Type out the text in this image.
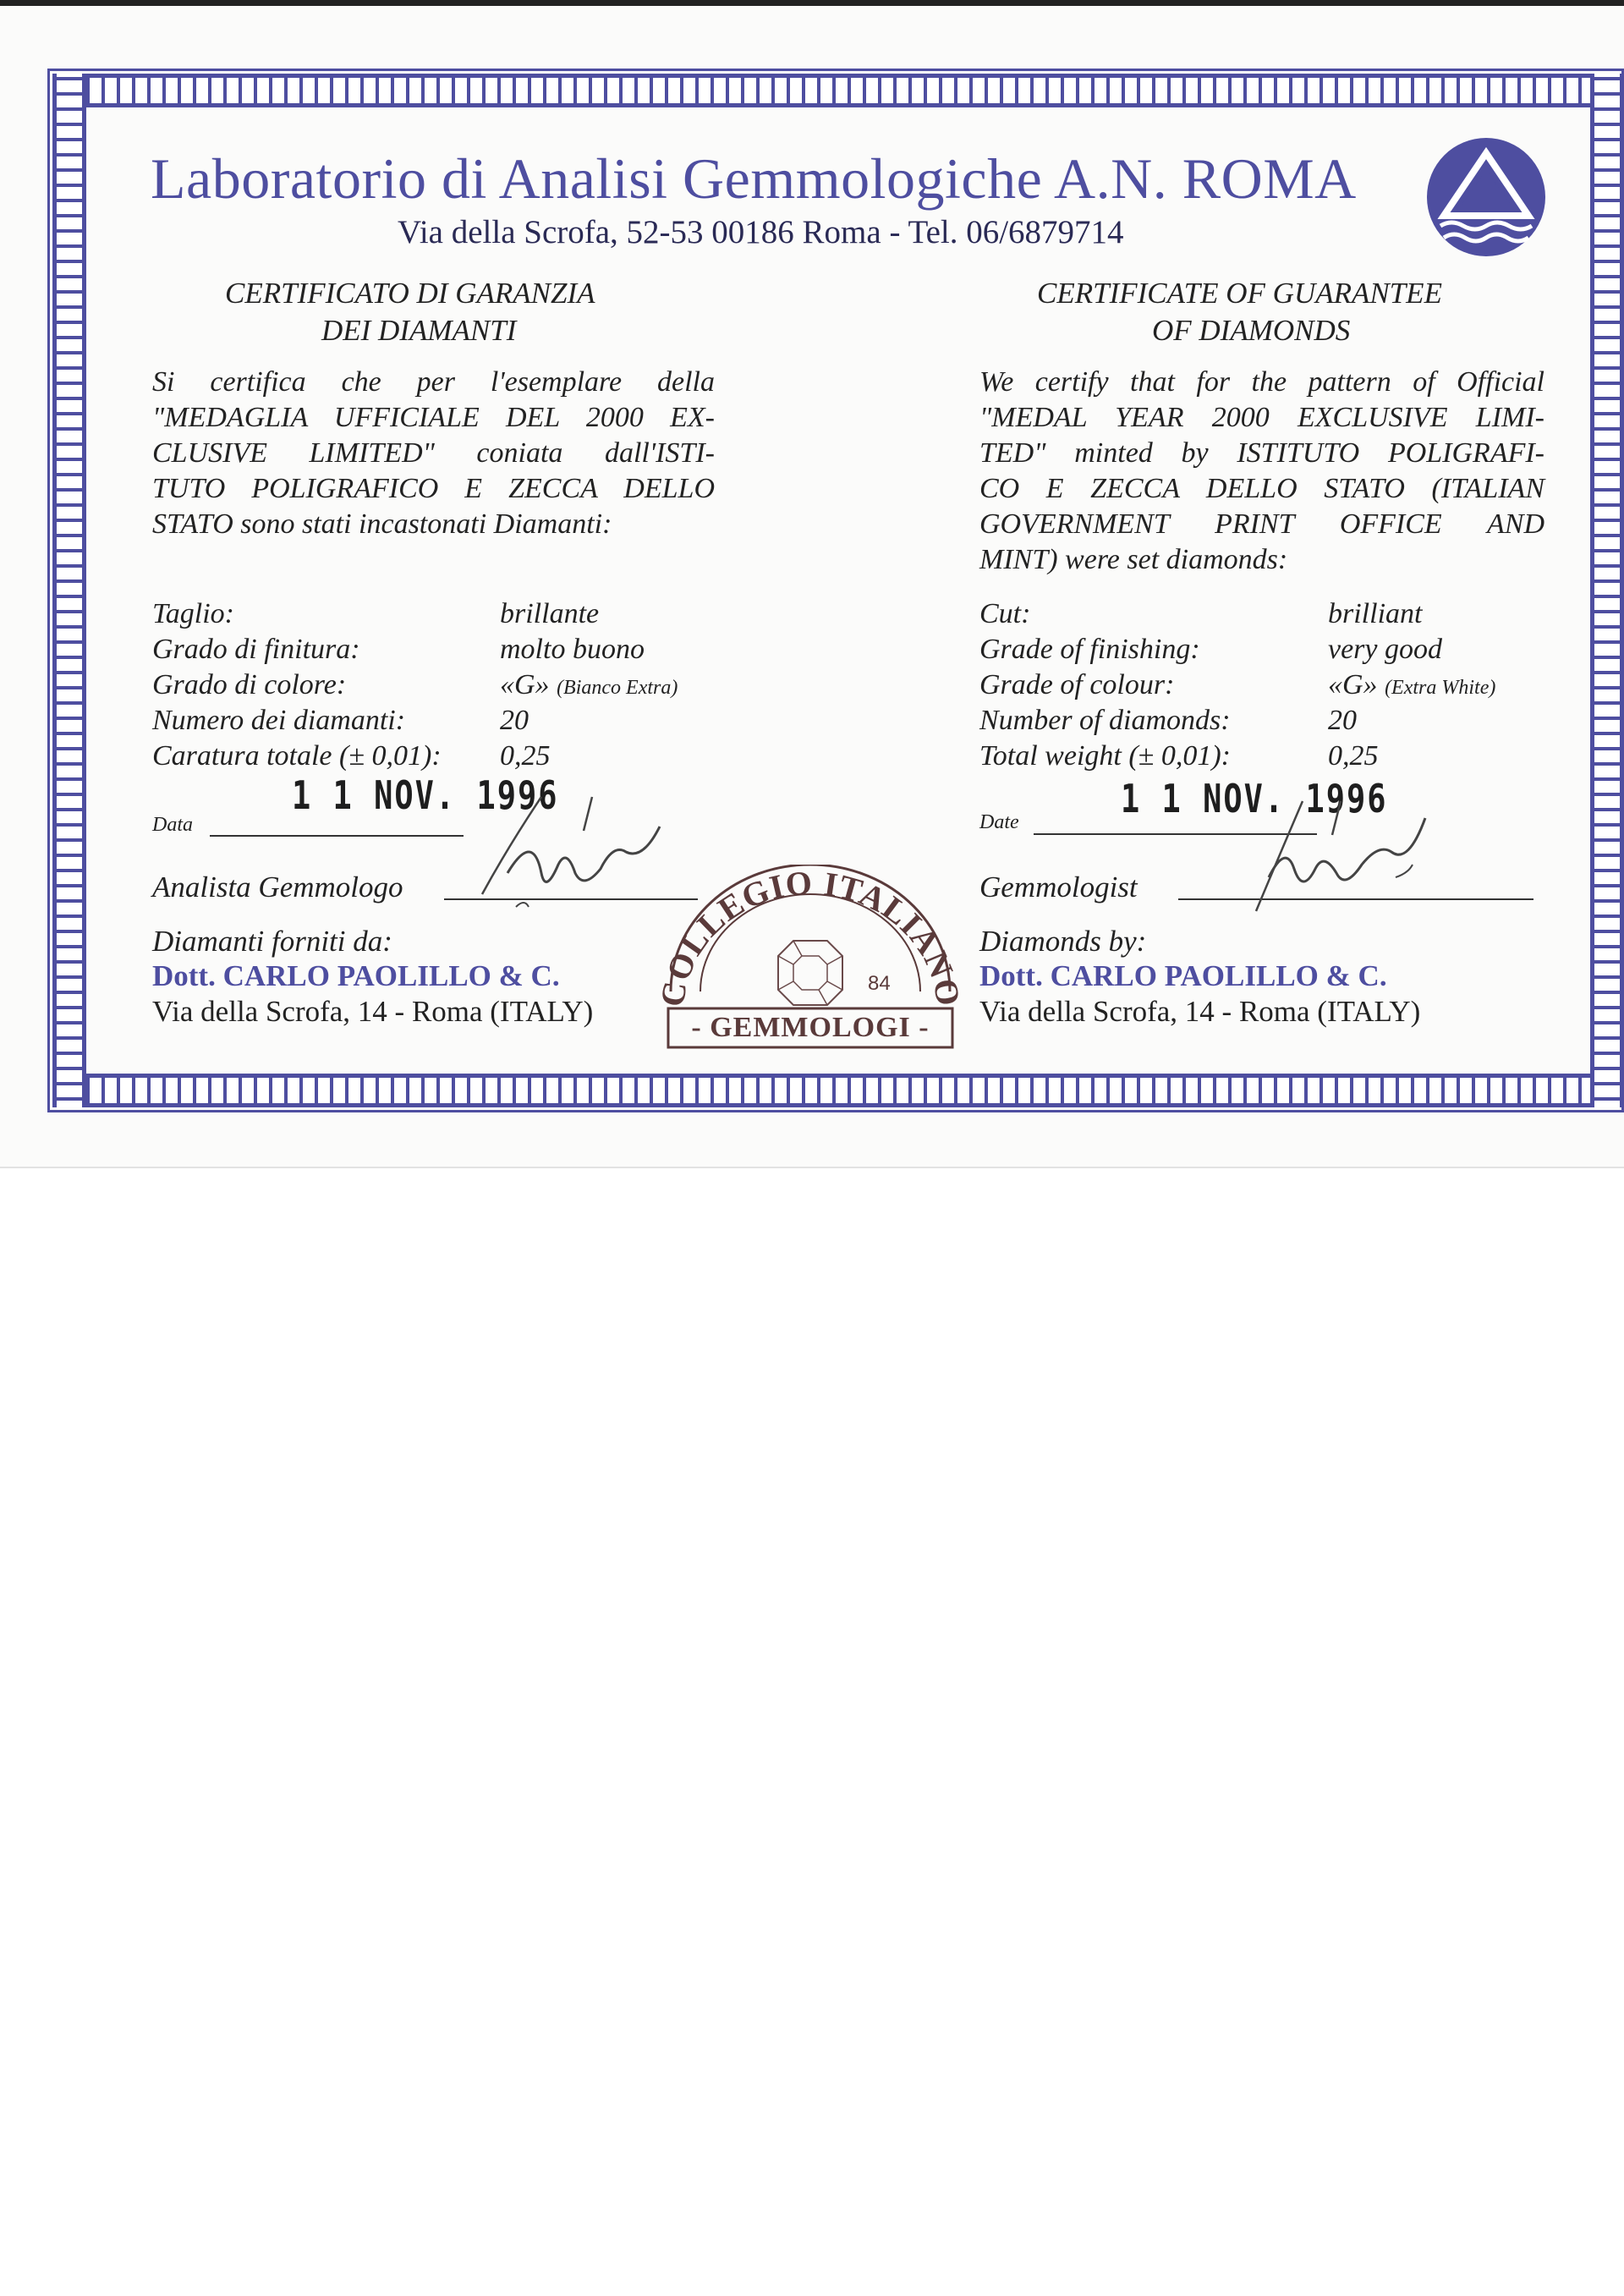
Laboratorio di Analisi Gemmologiche A.N. ROMA
Via della Scrofa, 52-53 00186 Roma - Tel. 06/6879714
CERTIFICATO DI GARANZIA
DEI DIAMANTI
Si certifica che per l'esemplare della
"MEDAGLIA UFFICIALE DEL 2000 EX-
CLUSIVE LIMITED" coniata dall'ISTI-
TUTO POLIGRAFICO E ZECCA DELLO
STATO sono stati incastonati Diamanti:
Taglio:	brillante
Grado di finitura:	molto buono
Grado di colore:	«G» (Bianco Extra)
Numero dei diamanti:	20
Caratura totale (± 0,01): 0,25
1 1 NOV. 1996
Data
Analista Gemmologo
Diamanti forniti da:
Dott. CARLO PAOLILLO & C.
Via della Scrofa, 14 - Roma (ITALY)
COLLEGIO ITALIANO
84
- GEMMOLOGI -
CERTIFICATE OF GUARANTEE
OF DIAMONDS
We certify that for the pattern of Official
"MEDAL YEAR 2000 EXCLUSIVE LIMI-
TED" minted by ISTITUTO POLIGRAFI-
CO E ZECCA DELLO STATO (ITALIAN
GOVERNMENT PRINT OFFICE AND
MINT) were set diamonds:
Cut:	brilliant
Grade of finishing:	very good
Grade of colour:	«G» (Extra White)
Number of diamonds:	20
Total weight (± 0,01):	0,25
1 1 NOV. 1996
Date
Gemmologist
Diamonds by:
Dott. CARLO PAOLILLO & C.
Via della Scrofa, 14 - Roma (ITALY)
